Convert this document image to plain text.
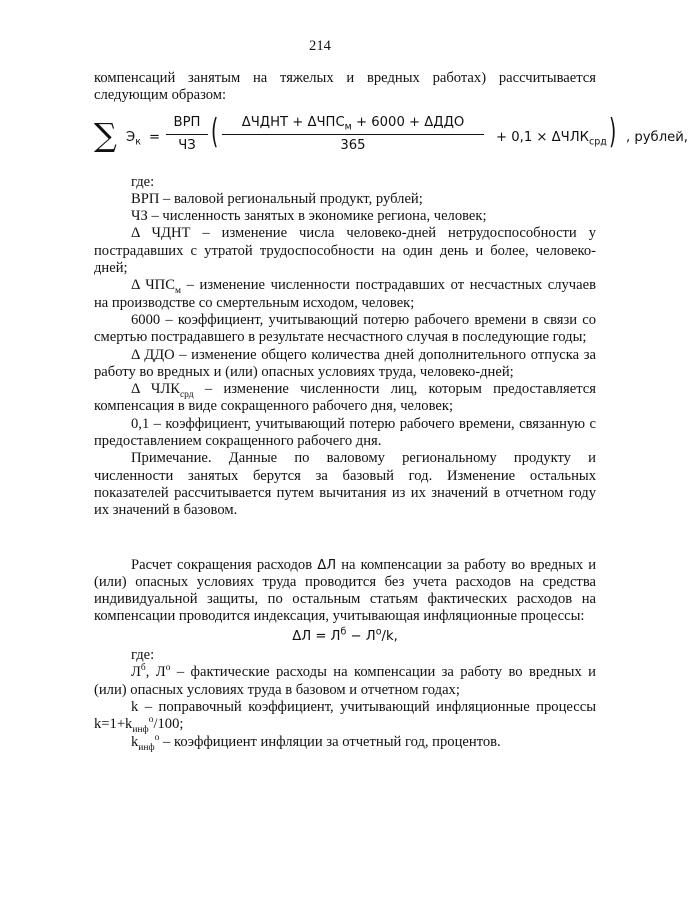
214

компенсаций занятым на тяжелых и вредных работах) рассчитывается следующим образом:

∑ $Э_к$ =
ВРП
ЧЗ (	ΔЧДНТ + $\Delta ЧПС_м + 6000 + \Delta ДДО$
365
+ $0,1 \times \Delta ЧЛК_{срд}$ ) , рублей,

где:

ВРП – валовой региональный продукт, рублей;

ЧЗ – численность занятых в экономике региона, человек;

Δ ЧДНТ – изменение числа человеко-дней нетрудоспособности у пострадавших с утратой трудоспособности на один день и более, человеко-дней;

Δ $ЧПС_м$ – изменение численности пострадавших от несчастных случаев на производстве со смертельным исходом, человек;

6000 – коэффициент, учитывающий потерю рабочего времени в связи со смертью пострадавшего в результате несчастного случая в последующие годы;

Δ ДДО – изменение общего количества дней дополнительного отпуска за работу во вредных и (или) опасных условиях труда, человеко-дней;

Δ $ЧЛК_{срд}$ – изменение численности лиц, которым предоставляется компенсация в виде сокращенного рабочего дня, человек;

0,1 – коэффициент, учитывающий потерю рабочего времени, связанную с предоставлением сокращенного рабочего дня.

Примечание. Данные по валовому региональному продукту и численности занятых берутся за базовый год. Изменение остальных показателей рассчитывается путем вычитания из их значений в отчетном году их значений в базовом.

Расчет сокращения расходов ΔЛ на компенсации за работу во вредных и (или) опасных условиях труда проводится без учета расходов на средства индивидуальной защиты, по остальным статьям фактических расходов на компенсации проводится индексация, учитывающая инфляционные процессы:

$\Delta Л = Л^б - Л^о/k$,

где:

$Л^б$, $Л^о$ – фактические расходы на компенсации за работу во вредных и (или) опасных условиях труда в базовом и отчетном годах;

k – поправочный коэффициент, учитывающий инфляционные процессы $k=1+k_{инф}^о/100$;

$k_{инф}^о$ – коэффициент инфляции за отчетный год, процентов.
